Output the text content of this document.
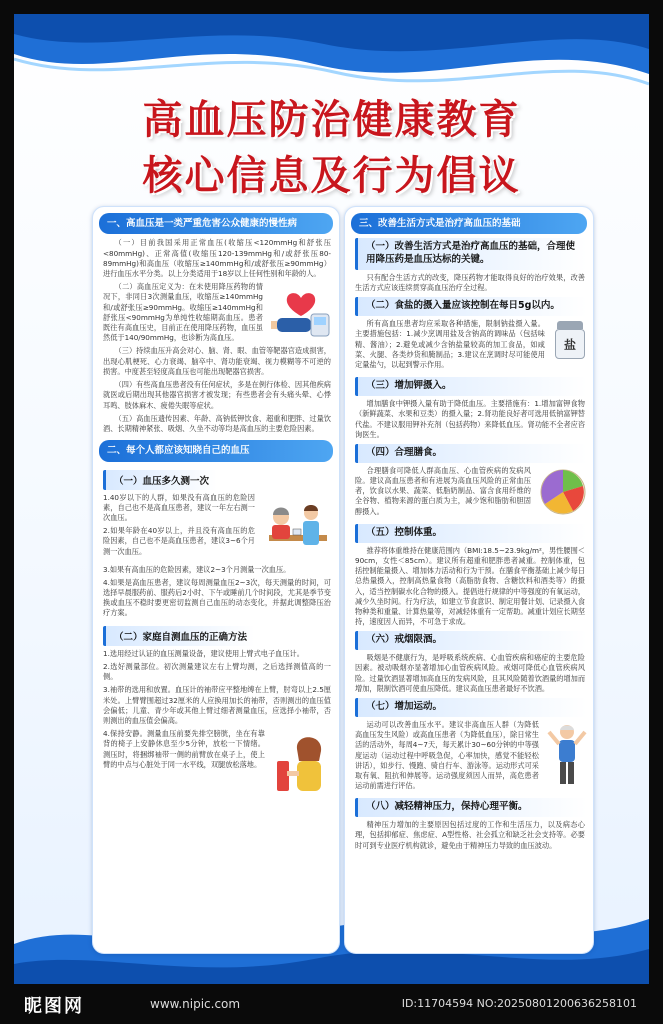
高血压防治健康教育
核心信息及行为倡议
一、高血压是一类严重危害公众健康的慢性病
（一）目前我国采用正常血压(收缩压<120mmHg和舒张压<80mmHg)、正常高值(收缩压120-139mmHg和/或舒张压80-89mmHg)和高血压（收缩压≥140mmHg和/或舒张压≥90mmHg）进行血压水平分类。以上分类适用于18岁以上任何性别和年龄的人。
（二）高血压定义为：在未使用降压药物的情况下，非同日3次测量血压，收缩压≥140mmHg和/或舒张压≥90mmHg。收缩压≥140mmHg和舒张压<90mmHg为单纯性收缩期高血压。患者既往有高血压史，目前正在使用降压药物，血压虽然低于140/90mmHg，也诊断为高血压。
（三）持续血压升高会对心、脑、肾、眼、血管等靶器官造成损害，出现心肌梗死、心力衰竭、脑卒中、肾功能衰竭、视力模糊等不可逆的损害。中度甚至轻度高血压也可能出现靶器官损害。
（四）有些高血压患者没有任何症状，多是在例行体检、因其他疾病就医或后期出现其他器官损害才被发现；有些患者会有头痛头晕、心悸耳鸣、肢体麻木、疲倦失眠等症状。
（五）高血压遗传因素、年龄、高钠低钾饮食、超重和肥胖、过量饮酒、长期精神紧张、吸烟、久坐不动等均是高血压的主要危险因素。
二、每个人都应该知晓自己的血压
（一）血压多久测一次
1.40岁以下的人群，如果没有高血压的危险因素，自己也不是高血压患者，建议一年左右测一次血压。
2.如果年龄在40岁以上，并且没有高血压的危险因素，自己也不是高血压患者，建议3~6个月测一次血压。
3.如果有高血压的危险因素，建议2~3个月测量一次血压。
4.如果是高血压患者，建议每周测量血压2~3次，每天测量的时间，可选择早晨服药前、服药后2小时、下午或睡前几个时间段，尤其是季节变换或血压不稳时要更密切监测自己血压的动态变化，并据此调整降压治疗方案。
（二）家庭自测血压的正确方法
1.选用经过认证的血压测量设备，建议使用上臂式电子血压计。
2.选好测量部位。初次测量建议左右上臂均测，之后选择测值高的一侧。
3.袖带的选用和放置。血压计的袖带应平整地缚在上臂，肘弯以上2.5厘米处。上臂臂围超过32厘米的人应换用加长的袖带，否则测出的血压值会偏低；儿童、青少年或其他上臂过细者测量血压，应选择小袖带，否则测出的血压值会偏高。
4.保持安静。测量血压前要先排空膀胱，坐在有靠背的椅子上安静休息至少5分钟，放松一下情绪。测压时，将捆绑袖带一侧的前臂放在桌子上，使上臂的中点与心脏处于同一水平线，双腿放松落地。
三、改善生活方式是治疗高血压的基础
（一）改善生活方式是治疗高血压的基础，合理使用降压药是血压达标的关键。
只有配合生活方式的改变，降压药物才能取得良好的治疗效果，改善生活方式应该连续贯穿高血压治疗全过程。
（二）食盐的摄入量应该控制在每日5g以内。
所有高血压患者均应采取各种措施，限制钠盐摄入量。主要措施包括：1.减少烹调用盐及含钠高的调味品（包括味精、酱油）；2.避免或减少含钠盐量较高的加工食品，如咸菜、火腿、各类炒货和腌制品；3.建议在烹调时尽可能使用定量盐勺，以起到警示作用。
盐
（三）增加钾摄入。
增加膳食中钾摄入量有助于降低血压。主要措施有：1.增加富钾食物（新鲜蔬菜、水果和豆类）的摄入量；2.肾功能良好者可选用低钠富钾替代盐。不建议服用钾补充剂（包括药物）来降低血压。肾功能不全者应咨询医生。
（四）合理膳食。
合理膳食可降低人群高血压、心血管疾病的发病风险。建议高血压患者和有进展为高血压风险的正常血压者，饮食以水果、蔬菜、低脂奶制品、富含食用纤维的全谷物、植物来源的蛋白质为主，减少饱和脂肪和胆固醇摄入。
（五）控制体重。
推荐将体重维持在健康范围内（BMI:18.5~23.9kg/m²，男性腰围＜90cm，女性＜85cm）。建议所有超重和肥胖患者减重。控制体重，包括控制能量摄入、增加体力活动和行为干预。在膳食平衡基础上减少每日总热量摄入，控制高热量食物（高脂肪食物、含糖饮料和酒类等）的摄入，适当控制碳水化合物的摄入。提倡进行规律的中等强度的有氧运动，减少久坐时间。行为疗法，如建立节食意识、制定用餐计划、记录摄入食物种类和重量、计算热量等，对减轻体重有一定帮助。减重计划应长期坚持，速度因人而异，不可急于求成。
（六）戒烟限酒。
吸烟是不健康行为，是呼吸系统疾病、心血管疾病和癌症的主要危险因素。被动吸烟亦显著增加心血管疾病风险。戒烟可降低心血管疾病风险。过量饮酒显著增加高血压的发病风险，且其风险随着饮酒量的增加而增加，限制饮酒可使血压降低。建议高血压患者最好不饮酒。
（七）增加运动。
运动可以改善血压水平。建议非高血压人群（为降低高血压发生风险）或高血压患者（为降低血压），除日常生活的活动外，每周4~7天，每天累计30~60分钟的中等强度运动（运动过程中呼吸急促，心率加快，感觉不能轻松讲话），如步行、慢跑、骑自行车、游泳等。运动形式可采取有氧、阻抗和伸展等。运动强度须因人而异，高危患者运动前需进行评估。
（八）减轻精神压力，保持心理平衡。
精神压力增加的主要原因包括过度的工作和生活压力，以及病态心理，包括抑郁症、焦虑症、A型性格、社会孤立和缺乏社会支持等。必要时可到专业医疗机构就诊，避免由于精神压力导致的血压波动。
昵图网	www.nipic.com	ID:11704594 NO:20250801200636258101
